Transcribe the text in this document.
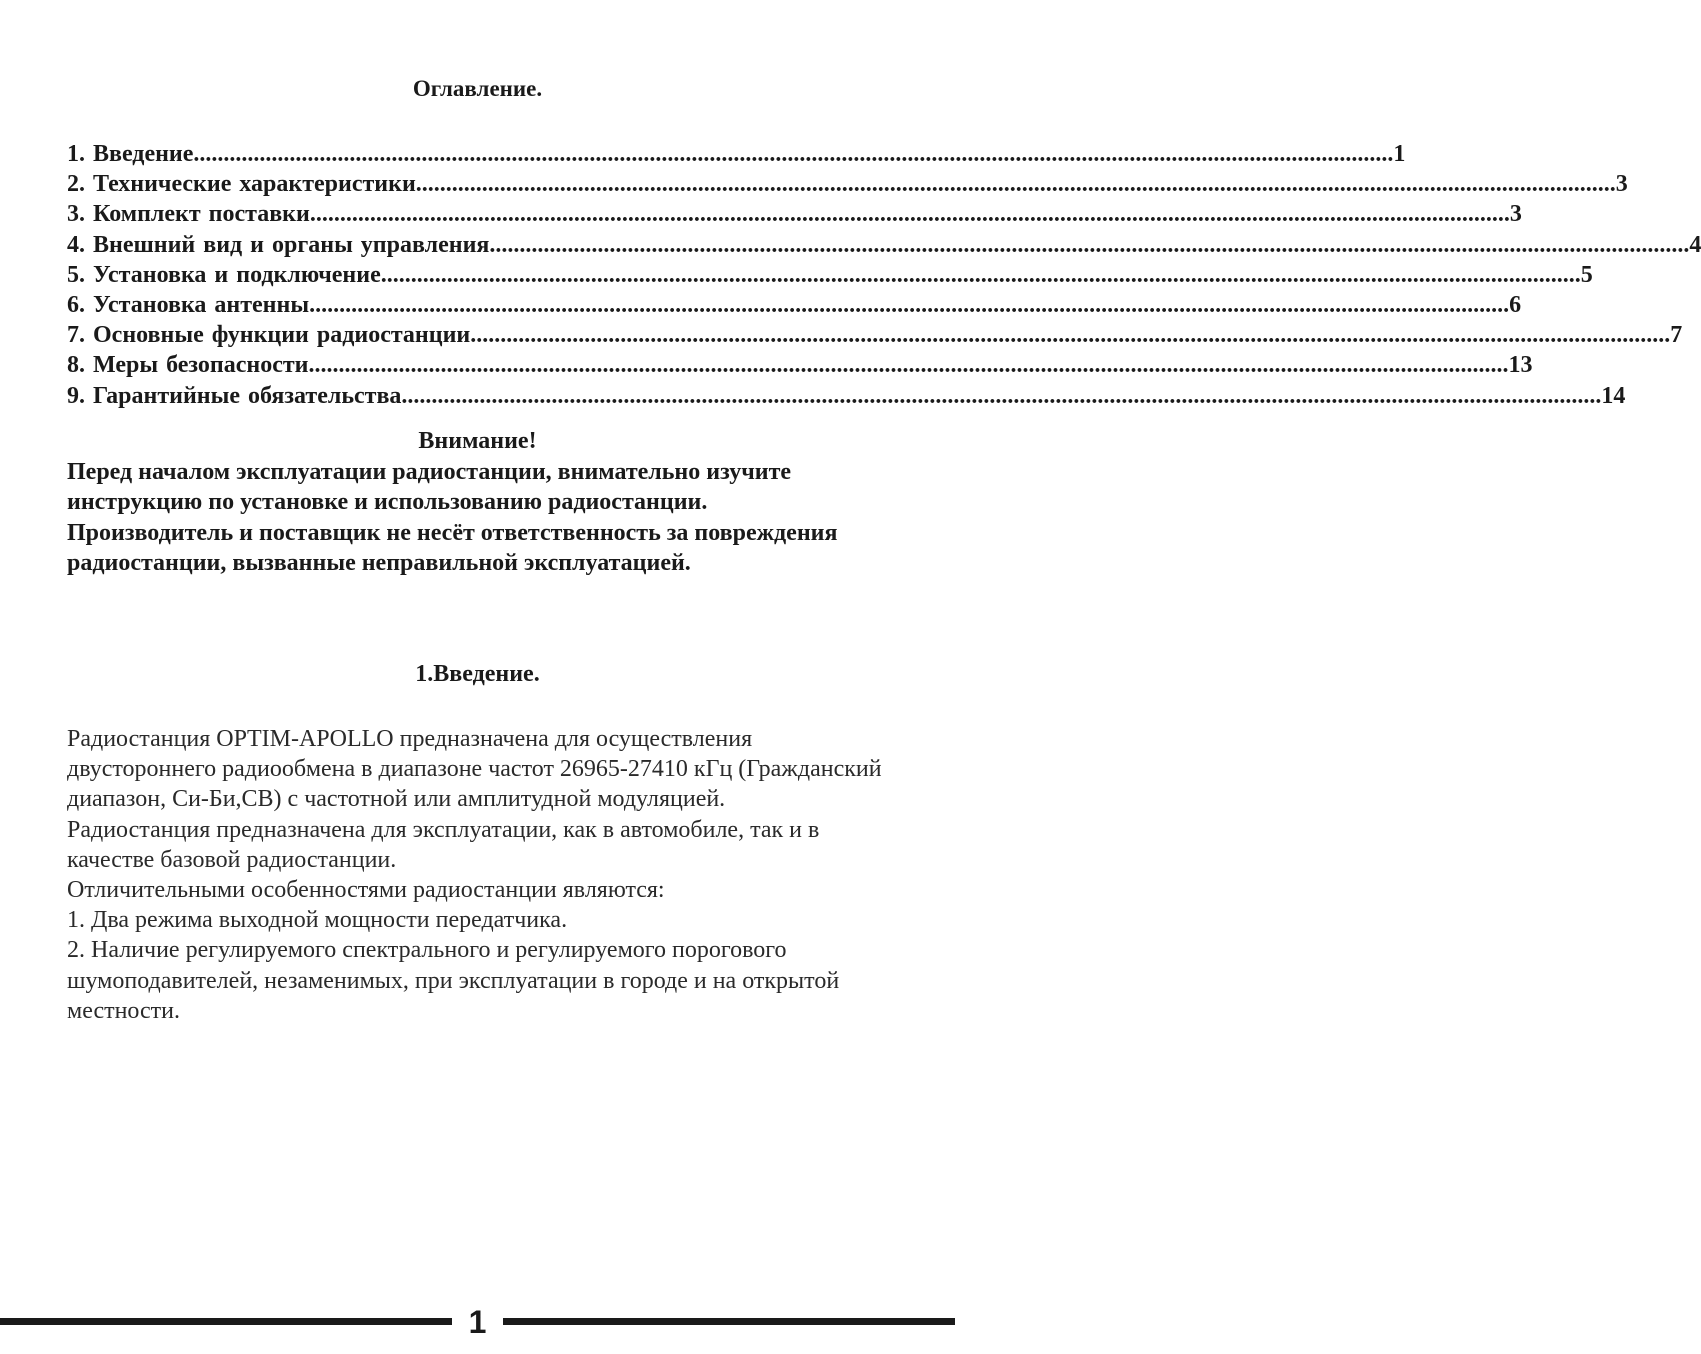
Оглавление.
1. Введение ........................................................................................................................................................................................................ 1
2. Технические характеристики ........................................................................................................................................................................................................ 3
3. Комплект поставки ........................................................................................................................................................................................................ 3
4. Внешний вид и органы управления ........................................................................................................................................................................................................ 4
5. Установка и подключение ........................................................................................................................................................................................................ 5
6. Установка антенны ........................................................................................................................................................................................................ 6
7. Основные функции радиостанции ........................................................................................................................................................................................................ 7
8. Меры безопасности ........................................................................................................................................................................................................ 13
9. Гарантийные обязательства ........................................................................................................................................................................................................ 14
Внимание!

Перед началом эксплуатации радиостанции, внимательно изучите инструкцию по установке и использованию радиостанции.

Производитель и поставщик не несёт ответственность за повреждения радиостанции, вызванные неправильной эксплуатацией.

1.Введение.

Радиостанция OPTIM-APOLLO предназначена для осуществления двустороннего радиообмена в диапазоне частот 26965-27410 кГц (Гражданский диапазон, Си-Би,CB) с частотной или амплитудной модуляцией.

Радиостанция предназначена для эксплуатации, как в автомобиле, так и в качестве базовой радиостанции.

Отличительными особенностями радиостанции являются:

1. Два режима выходной мощности передатчика.

2. Наличие регулируемого спектрального и регулируемого порогового шумоподавителей, незаменимых, при эксплуатации в городе и на открытой местности.

1
